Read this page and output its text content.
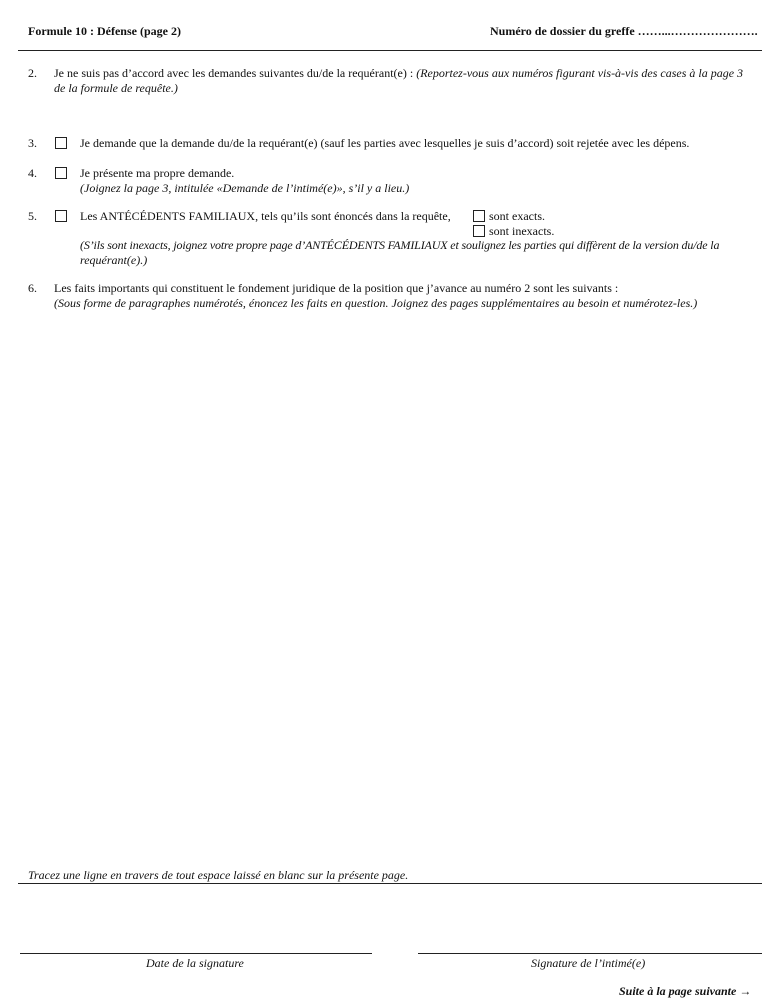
Formule 10 : Défense (page 2)	Numéro de dossier du greffe ……...………………….
2. Je ne suis pas d’accord avec les demandes suivantes du/de la requérant(e) : (Reportez-vous aux numéros figurant vis-à-vis des cases à la page 3
de la formule de requête.)
3.	Je demande que la demande du/de la requérant(e) (sauf les parties avec lesquelles je suis d’accord) soit rejetée avec les dépens.
4.	Je présente ma propre demande.
(Joignez la page 3, intitulée «Demande de l’intimé(e)», s’il y a lieu.)
5.	Les ANTÉCÉDENTS FAMILIAUX, tels qu’ils sont énoncés dans la requête,	sont exacts.
sont inexacts.
(S’ils sont inexacts, joignez votre propre page d’ANTÉCÉDENTS FAMILIAUX et soulignez les parties qui diffèrent de la version du/de la
requérant(e).)
6. Les faits importants qui constituent le fondement juridique de la position que j’avance au numéro 2 sont les suivants :
(Sous forme de paragraphes numérotés, énoncez les faits en question. Joignez des pages supplémentaires au besoin et numérotez-les.)
Tracez une ligne en travers de tout espace laissé en blanc sur la présente page.
Date de la signature	Signature de l’intimé(e)
Suite à la page suivante →
